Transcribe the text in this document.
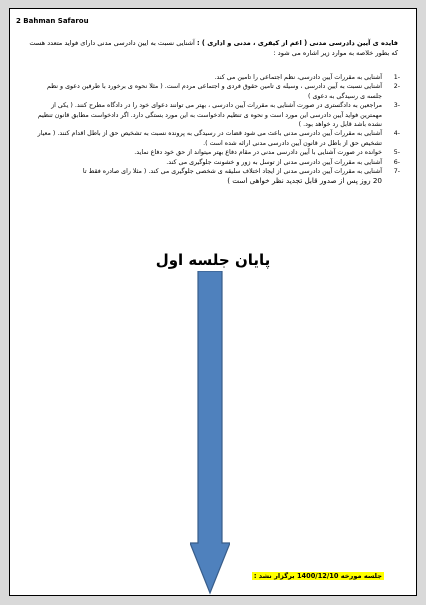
2 Bahman Safarou
فایده ی آیین دادرسی مدنی ( اعم از کیفری ، مدنی و اداری ) : آشنایی نسبت به ایین دادرسی مدنی دارای فواید متعدد هست که بطور خلاصه به موارد زیر اشاره می شود :
-1
آشنایی به مقررات آیین دادرسی، نظم اجتماعی را تامین می کند.
-2
آشنایی نسبت به آیین دادرسی ، وسیله ی تامین حقوق فردی و اجتماعی مردم است. ( مثلا نحوه ی برخورد با طرفین دعوی و نظم جلسه ی رسیدگی به دعوی )
-3
مراجعین به دادگستری در صورت آشنایی به مقررات آیین دادرسی ، بهتر می توانند دعوای خود را در دادگاه مطرح کنند. ( یکی از مهمترین فواید آیین دادرسی این مورد است و نحوه ی تنظیم دادخواست به این مورد بستگی دارد. اگر دادخواست مطابق قانون تنظیم نشده باشد قابل رد خواهد بود. )
-4
آشنایی به مقررات آیین دادرسی مدنی باعث می شود قضات در رسیدگی به پرونده نسبت به تشخیص حق از باطل اقدام کنند. ( معیار تشخیص حق از باطل در قانون آیین دادرسی مدنی ارائه شده است ).
-5
خوانده در صورت آشنایی با آیین دادرسی مدنی در مقام دفاع بهتر میتواند از حق خود دفاع نماید.
-6
آشنایی به مقررات آیین دادرسی مدنی از توسل به زور و خشونت جلوگیری می کند.
-7
آشنایی به مقررات آیین دادرسی مدنی از ایجاد اختلاف سلیقه ی شخصی جلوگیری می کند. ( مثلا رای صادره فقط تا
20 روز پس از صدور قابل تجدید نظر خواهی است )
پایان جلسه اول
جلسه مورخه 1400/12/10 برگزار نشد :
